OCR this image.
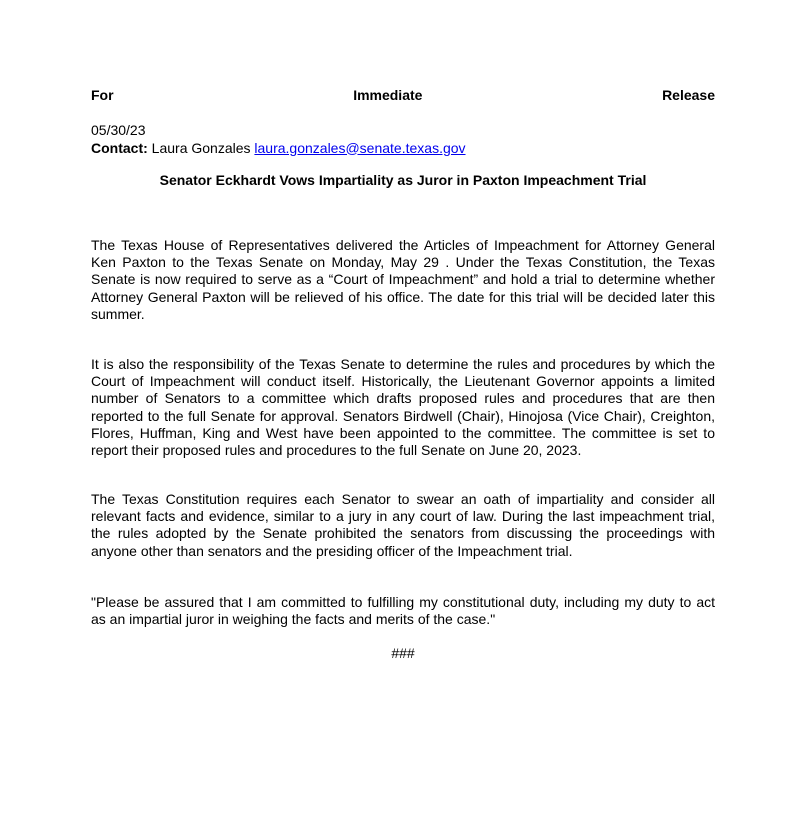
For	Immediate	Release
05/30/23
Contact: Laura Gonzales laura.gonzales@senate.texas.gov
Senator Eckhardt Vows Impartiality as Juror in Paxton Impeachment Trial

The Texas House of Representatives delivered the Articles of Impeachment for Attorney General Ken Paxton to the Texas Senate on Monday, May 29 . Under the Texas Constitution, the Texas Senate is now required to serve as a “Court of Impeachment” and hold a trial to determine whether Attorney General Paxton will be relieved of his office. The date for this trial will be decided later this summer.

It is also the responsibility of the Texas Senate to determine the rules and procedures by which the Court of Impeachment will conduct itself. Historically, the Lieutenant Governor appoints a limited number of Senators to a committee which drafts proposed rules and procedures that are then reported to the full Senate for approval. Senators Birdwell (Chair), Hinojosa (Vice Chair), Creighton, Flores, Huffman, King and West have been appointed to the committee. The committee is set to report their proposed rules and procedures to the full Senate on June 20, 2023.

The Texas Constitution requires each Senator to swear an oath of impartiality and consider all relevant facts and evidence, similar to a jury in any court of law. During the last impeachment trial, the rules adopted by the Senate prohibited the senators from discussing the proceedings with anyone other than senators and the presiding officer of the Impeachment trial.

"Please be assured that I am committed to fulfilling my constitutional duty, including my duty to act as an impartial juror in weighing the facts and merits of the case."

###
